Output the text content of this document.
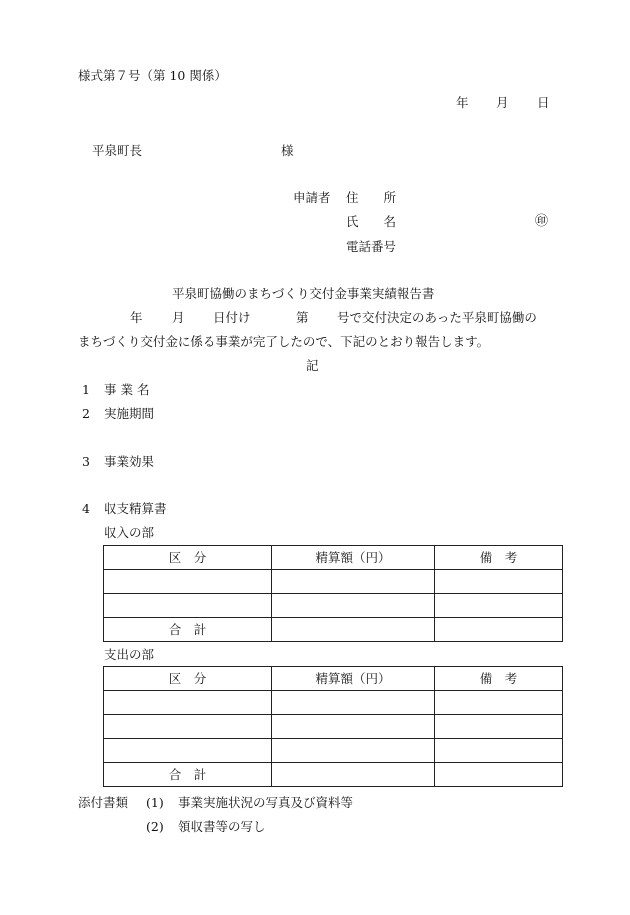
様式第７号（第 10 関係）
年 月 日
平泉町長	様
申請者 住　　所
氏　　名	㊞
電話番号
平泉町協働のまちづくり交付金事業実績報告書
年 月 日付け	第 号で交付決定のあった平泉町協働の
まちづくり交付金に係る事業が完了したので、下記のとおり報告します。
記
1 事 業 名
2 実施期間
3 事業効果
4 収支精算書
収入の部
区　分	精算額（円）	備　考

合　計		
支出の部
区　分	精算額（円）	備　考

合　計		
添付書類 (1) 事業実施状況の写真及び資料等
(2) 領収書等の写し
